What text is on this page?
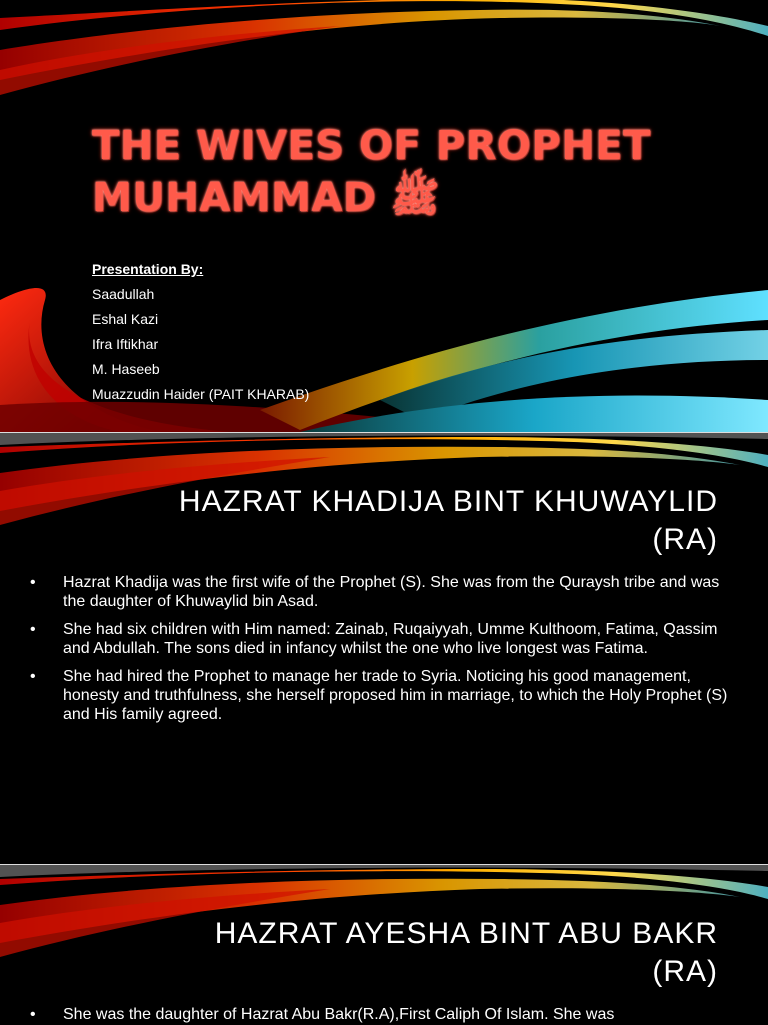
THE WIVES OF PROPHET
MUHAMMAD ﷺ
Presentation By:
Saadullah
Eshal Kazi
Ifra Iftikhar
M. Haseeb
Muazzudin Haider (PAIT KHARAB)
HAZRAT KHADIJA BINT KHUWAYLID
(RA)
• Hazrat Khadija was the first wife of the Prophet (S). She was from the Quraysh tribe and was the daughter of Khuwaylid bin Asad.
• She had six children with Him named: Zainab, Ruqaiyyah, Umme Kulthoom, Fatima, Qassim and Abdullah. The sons died in infancy whilst the one who live longest was Fatima.
• She had hired the Prophet to manage her trade to Syria. Noticing his good management, honesty and truthfulness, she herself proposed him in marriage, to which the Holy Prophet (S) and His family agreed.
HAZRAT AYESHA BINT ABU BAKR
(RA)
• She was the daughter of Hazrat Abu Bakr(R.A),First Caliph Of Islam. She was
